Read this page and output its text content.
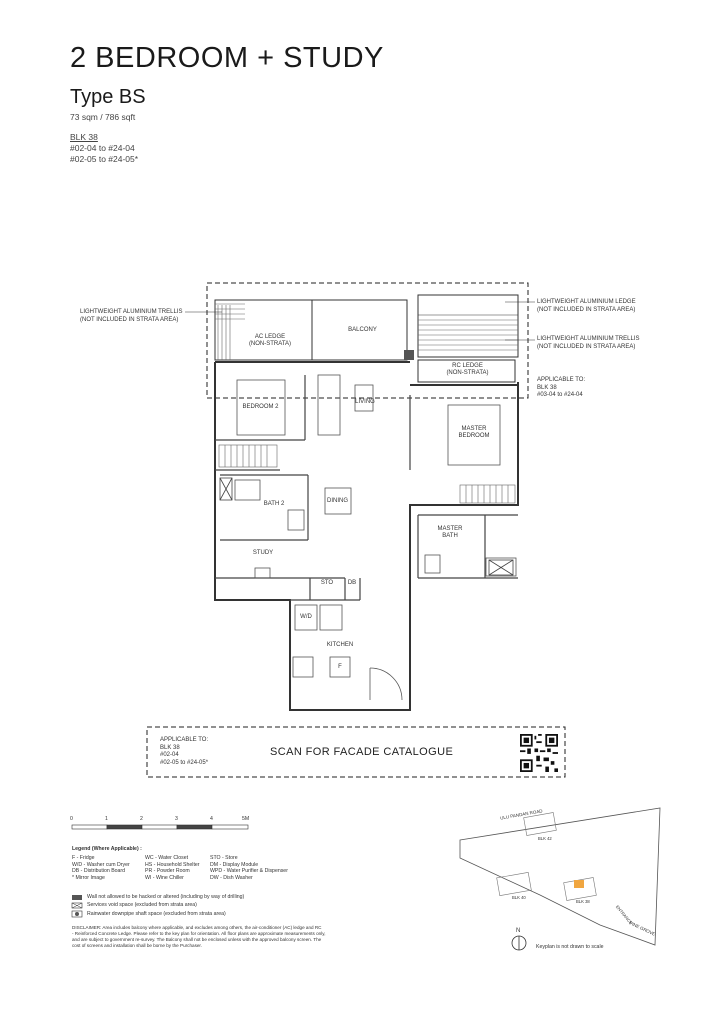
2 BEDROOM + STUDY
Type BS
73 sqm / 786 sqft
BLK 38
#02-04 to #24-04
#02-05 to #24-05*
LIGHTWEIGHT ALUMINIUM TRELLIS
(NOT INCLUDED IN STRATA AREA)
LIGHTWEIGHT ALUMINIUM LEDGE
(NOT INCLUDED IN STRATA AREA)
LIGHTWEIGHT ALUMINIUM TRELLIS
(NOT INCLUDED IN STRATA AREA)
AC LEDGE
(NON-STRATA)
BALCONY
RC LEDGE
(NON-STRATA)
APPLICABLE TO:
BLK 38
#03-04 to #24-04
BEDROOM 2
LIVING
MASTER
BEDROOM
BATH 2	DINING
MASTER
BATH
STUDY
STO	DB
W/D
KITCHEN
F
APPLICABLE TO:
BLK 38
#02-04
#02-05 to #24-05*
SCAN FOR FACADE CATALOGUE
0	1	2	3	4	5M
Legend (Where Applicable) :
F - Fridge
W/D - Washer cum Dryer
DB - Distribution Board
* Mirror Image
WC - Water Closet
HS - Household Shelter
PR - Powder Room
WI - Wine Chiller
STO - Store
DM - Display Module
WPD - Water Purifier & Dispenser
DW - Dish Washer
Wall not allowed to be hacked or altered (including by way of drilling)
Services void space (excluded from strata area)
Rainwater downpipe shaft space (excluded from strata area)
DISCLAIMER: Area includes balcony where applicable, and excludes among others, the air-conditioner (AC) ledge and RC
- Reinforced Concrete Ledge. Please refer to the key plan for orientation. All floor plans are approximate measurements only,
and are subject to government re-survey. The Balcony shall not be enclosed unless with the approved balcony screen. The
cost of screens and installation shall be borne by the Purchaser.
ULU PANDAN ROAD
PINE GROVE
ENTRANCE
BLK 42
BLK 40
BLK 38
N
Keyplan is not drawn to scale
